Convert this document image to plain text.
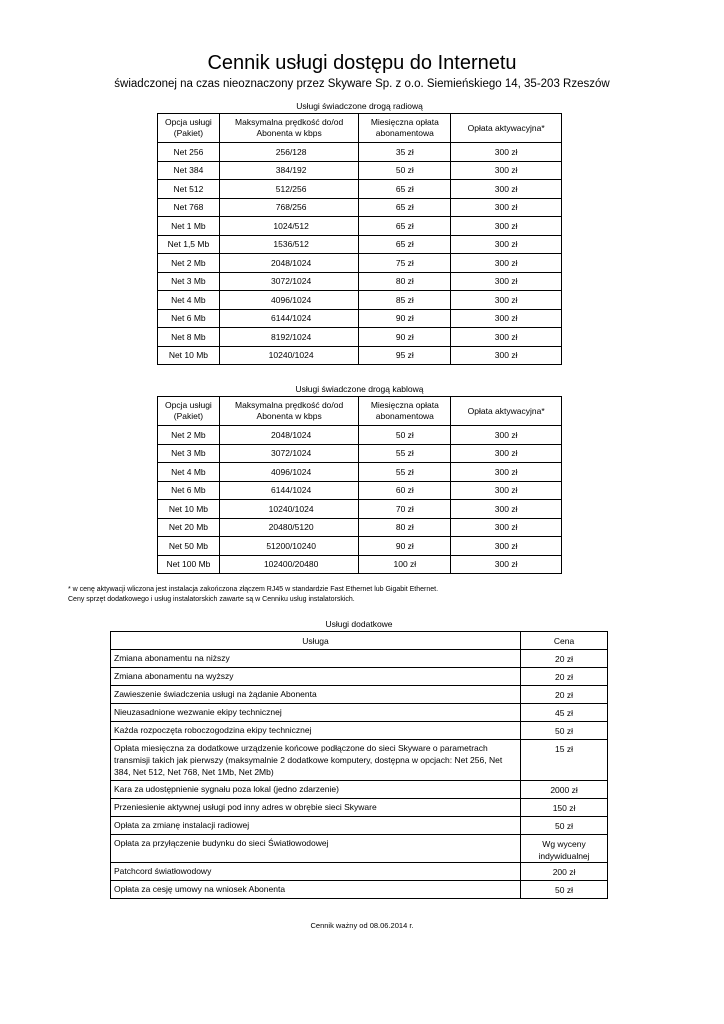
Cennik usługi dostępu do Internetu
świadczonej na czas nieoznaczony przez Skyware Sp. z o.o. Siemieńskiego 14, 35-203 Rzeszów
Usługi świadczone drogą radiową
Opcja usługi (Pakiet)	Maksymalna prędkość do/od Abonenta w kbps	Miesięczna opłata abonamentowa	Opłata aktywacyjna*
Net 256	256/128	35 zł	300 zł
Net 384	384/192	50 zł	300 zł
Net 512	512/256	65 zł	300 zł
Net 768	768/256	65 zł	300 zł
Net 1 Mb	1024/512	65 zł	300 zł
Net 1,5 Mb	1536/512	65 zł	300 zł
Net 2 Mb	2048/1024	75 zł	300 zł
Net 3 Mb	3072/1024	80 zł	300 zł
Net 4 Mb	4096/1024	85 zł	300 zł
Net 6 Mb	6144/1024	90 zł	300 zł
Net 8 Mb	8192/1024	90 zł	300 zł
Net 10 Mb	10240/1024	95 zł	300 zł
Usługi świadczone drogą kablową
Opcja usługi (Pakiet)	Maksymalna prędkość do/od Abonenta w kbps	Miesięczna opłata abonamentowa	Opłata aktywacyjna*
Net 2 Mb	2048/1024	50 zł	300 zł
Net 3 Mb	3072/1024	55 zł	300 zł
Net 4 Mb	4096/1024	55 zł	300 zł
Net 6 Mb	6144/1024	60 zł	300 zł
Net 10 Mb	10240/1024	70 zł	300 zł
Net 20 Mb	20480/5120	80 zł	300 zł
Net 50 Mb	51200/10240	90 zł	300 zł
Net 100 Mb	102400/20480	100 zł	300 zł
* w cenę aktywacji wliczona jest instalacja zakończona złączem RJ45 w standardzie Fast Ethernet lub Gigabit Ethernet.
Ceny sprzęt dodatkowego i usług instalatorskich zawarte są w Cenniku usług instalatorskich.
Usługi dodatkowe
Usługa	Cena
Zmiana abonamentu na niższy	20 zł
Zmiana abonamentu na wyższy	20 zł
Zawieszenie świadczenia usługi na żądanie Abonenta	20 zł
Nieuzasadnione wezwanie ekipy technicznej	45 zł
Każda rozpoczęta roboczogodzina ekipy technicznej	50 zł
Opłata miesięczna za dodatkowe urządzenie końcowe podłączone do sieci Skyware o parametrach transmisji takich jak pierwszy (maksymalnie 2 dodatkowe komputery, dostępna w opcjach: Net 256, Net 384, Net 512, Net 768, Net 1Mb, Net 2Mb)	15 zł
Kara za udostępnienie sygnału poza lokal (jedno zdarzenie)	2000 zł
Przeniesienie aktywnej usługi pod inny adres w obrębie sieci Skyware	150 zł
Opłata za zmianę instalacji radiowej	50 zł
Opłata za przyłączenie budynku do sieci Światłowodowej	Wg wyceny indywidualnej
Patchcord światłowodowy	200 zł
Opłata za cesję umowy na wniosek Abonenta	50 zł
Cennik ważny od 08.06.2014 r.
